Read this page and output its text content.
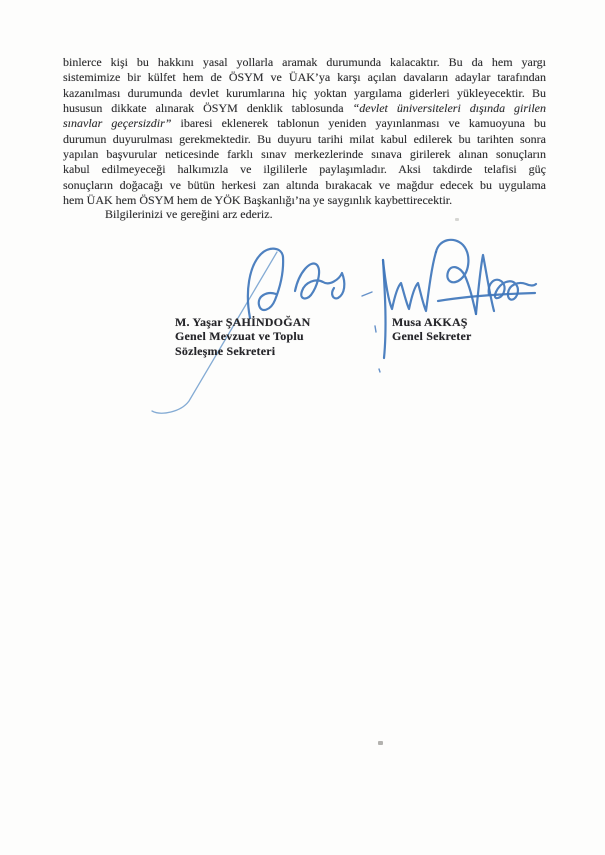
binlerce kişi bu hakkını yasal yollarla aramak durumunda kalacaktır. Bu da hem yargı
sistemimize bir külfet hem de ÖSYM ve ÜAK’ya karşı açılan davaların adaylar tarafından
kazanılması durumunda devlet kurumlarına hiç yoktan yargılama giderleri yükleyecektir. Bu
hususun dikkate alınarak ÖSYM denklik tablosunda “devlet üniversiteleri dışında girilen
sınavlar geçersizdir” ibaresi eklenerek tablonun yeniden yayınlanması ve kamuoyuna bu
durumun duyurulması gerekmektedir. Bu duyuru tarihi milat kabul edilerek bu tarihten sonra
yapılan başvurular neticesinde farklı sınav merkezlerinde sınava girilerek alınan sonuçların
kabul edilmeyeceği halkımızla ve ilgililerle paylaşımladır. Aksi takdirde telafisi güç
sonuçların doğacağı ve bütün herkesi zan altında bırakacak ve mağdur edecek bu uygulama
hem ÜAK hem ÖSYM hem de YÖK Başkanlığı’na ye saygınlık kaybettirecektir.
Bilgilerinizi ve gereğini arz ederiz.
M. Yaşar ŞAHİNDOĞAN
Genel Mevzuat ve Toplu
Sözleşme Sekreteri
Musa AKKAŞ
Genel Sekreter
